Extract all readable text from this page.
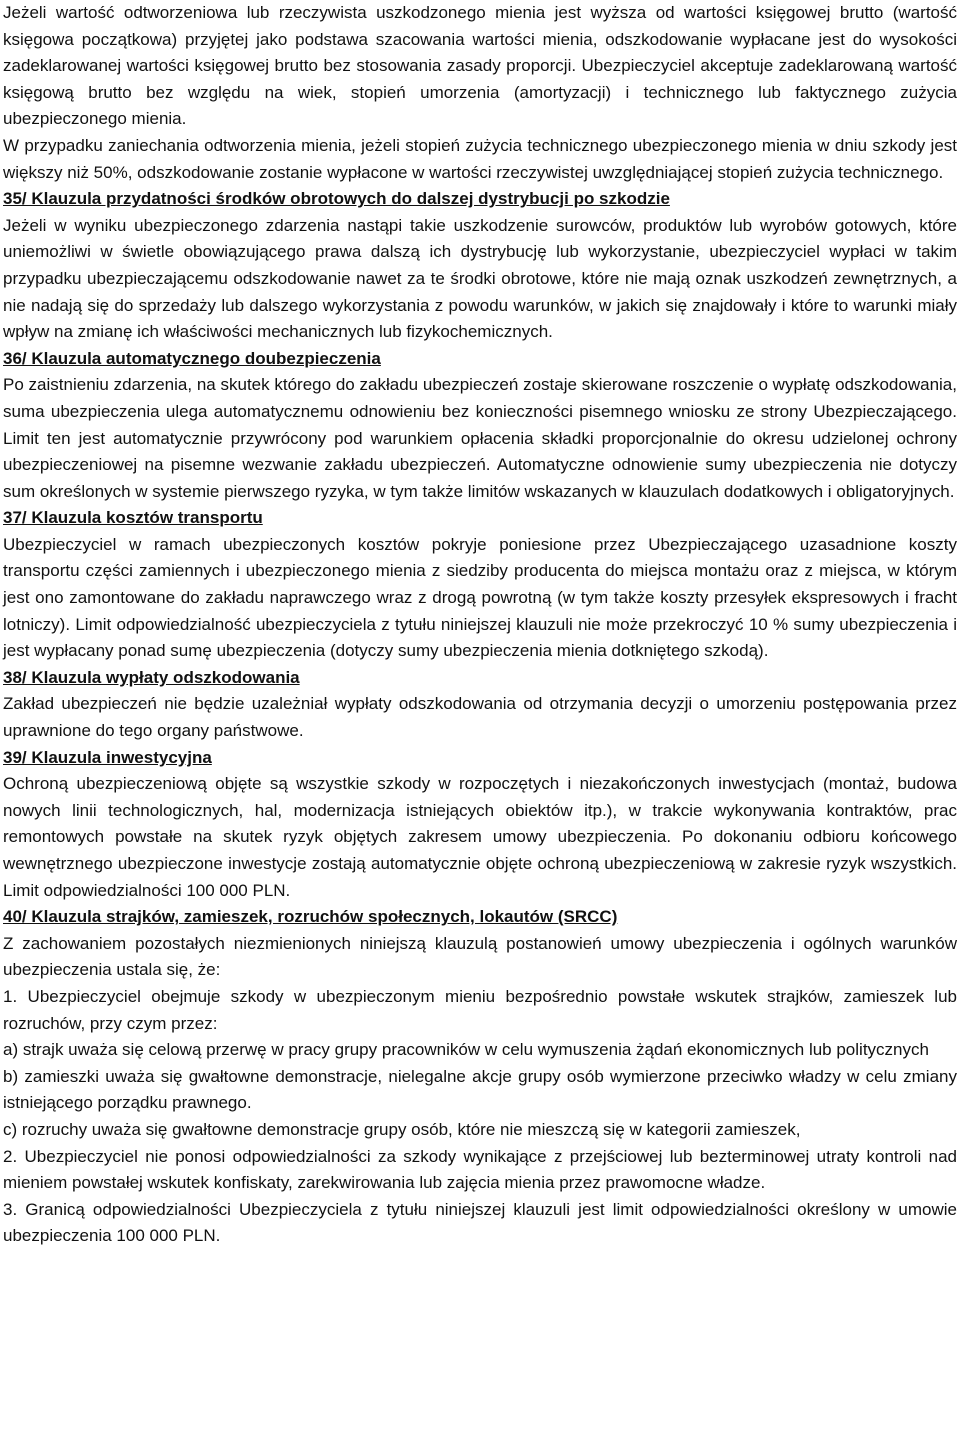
Jeżeli wartość odtworzeniowa lub rzeczywista uszkodzonego mienia jest wyższa od wartości księgowej brutto (wartość księgowa początkowa) przyjętej jako podstawa szacowania wartości mienia, odszkodowanie wypłacane jest do wysokości zadeklarowanej wartości księgowej brutto bez stosowania zasady proporcji. Ubezpieczyciel akceptuje zadeklarowaną wartość księgową brutto bez względu na wiek, stopień umorzenia (amortyzacji) i technicznego lub faktycznego zużycia ubezpieczonego mienia.

W przypadku zaniechania odtworzenia mienia, jeżeli stopień zużycia technicznego ubezpieczonego mienia w dniu szkody jest większy niż 50%, odszkodowanie zostanie wypłacone w wartości rzeczywistej uwzględniającej stopień zużycia technicznego.

35/ Klauzula przydatności środków obrotowych do dalszej dystrybucji po szkodzie

Jeżeli w wyniku ubezpieczonego zdarzenia nastąpi takie uszkodzenie surowców, produktów lub wyrobów gotowych, które uniemożliwi w świetle obowiązującego prawa dalszą ich dystrybucję lub wykorzystanie, ubezpieczyciel wypłaci w takim przypadku ubezpieczającemu odszkodowanie nawet za te środki obrotowe, które nie mają oznak uszkodzeń zewnętrznych, a nie nadają się do sprzedaży lub dalszego wykorzystania z powodu warunków, w jakich się znajdowały i które to warunki miały wpływ na zmianę ich właściwości mechanicznych lub fizykochemicznych.

36/ Klauzula automatycznego doubezpieczenia

Po zaistnieniu zdarzenia, na skutek którego do zakładu ubezpieczeń zostaje skierowane roszczenie o wypłatę odszkodowania, suma ubezpieczenia ulega automatycznemu odnowieniu bez konieczności pisemnego wniosku ze strony Ubezpieczającego. Limit ten jest automatycznie przywrócony pod warunkiem opłacenia składki proporcjonalnie do okresu udzielonej ochrony ubezpieczeniowej na pisemne wezwanie zakładu ubezpieczeń. Automatyczne odnowienie sumy ubezpieczenia nie dotyczy sum określonych w systemie pierwszego ryzyka, w tym także limitów wskazanych w klauzulach dodatkowych i obligatoryjnych.

37/ Klauzula kosztów transportu

Ubezpieczyciel w ramach ubezpieczonych kosztów pokryje poniesione przez Ubezpieczającego uzasadnione koszty transportu części zamiennych i ubezpieczonego mienia z siedziby producenta do miejsca montażu oraz z miejsca, w którym jest ono zamontowane do zakładu naprawczego wraz z drogą powrotną (w tym także koszty przesyłek ekspresowych i fracht lotniczy). Limit odpowiedzialność ubezpieczyciela z tytułu niniejszej klauzuli nie może przekroczyć 10 % sumy ubezpieczenia i jest wypłacany ponad sumę ubezpieczenia (dotyczy sumy ubezpieczenia mienia dotkniętego szkodą).

38/ Klauzula wypłaty odszkodowania

Zakład ubezpieczeń nie będzie uzależniał wypłaty odszkodowania od otrzymania decyzji o umorzeniu postępowania przez uprawnione do tego organy państwowe.

39/ Klauzula inwestycyjna

Ochroną ubezpieczeniową objęte są wszystkie szkody w rozpoczętych i niezakończonych inwestycjach (montaż, budowa nowych linii technologicznych, hal, modernizacja istniejących obiektów itp.), w trakcie wykonywania kontraktów, prac remontowych powstałe na skutek ryzyk objętych zakresem umowy ubezpieczenia. Po dokonaniu odbioru końcowego wewnętrznego ubezpieczone inwestycje zostają automatycznie objęte ochroną ubezpieczeniową w zakresie ryzyk wszystkich. Limit odpowiedzialności 100 000 PLN.

40/ Klauzula strajków, zamieszek, rozruchów społecznych, lokautów (SRCC)

Z zachowaniem pozostałych niezmienionych niniejszą klauzulą postanowień umowy ubezpieczenia i ogólnych warunków ubezpieczenia ustala się, że:

1. Ubezpieczyciel obejmuje szkody w ubezpieczonym mieniu bezpośrednio powstałe wskutek strajków, zamieszek lub rozruchów, przy czym przez:

a) strajk uważa się celową przerwę w pracy grupy pracowników w celu wymuszenia żądań ekonomicznych lub politycznych

b) zamieszki uważa się gwałtowne demonstracje, nielegalne akcje grupy osób wymierzone przeciwko władzy w celu zmiany istniejącego porządku prawnego.

c) rozruchy uważa się gwałtowne demonstracje grupy osób, które nie mieszczą się w kategorii zamieszek,

2. Ubezpieczyciel nie ponosi odpowiedzialności za szkody wynikające z przejściowej lub bezterminowej utraty kontroli nad mieniem powstałej wskutek konfiskaty, zarekwirowania lub zajęcia mienia przez prawomocne władze.

3. Granicą odpowiedzialności Ubezpieczyciela z tytułu niniejszej klauzuli jest limit odpowiedzialności określony w umowie ubezpieczenia 100 000 PLN.
